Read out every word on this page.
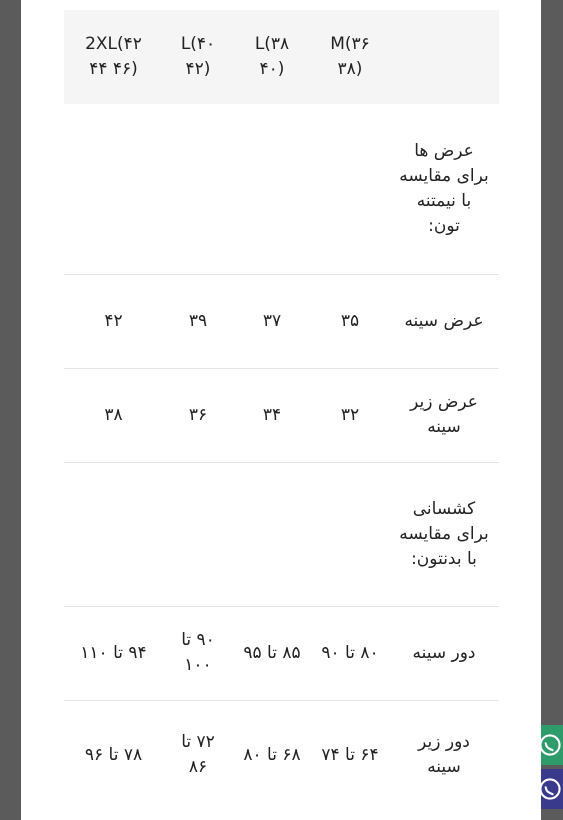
	M(۳۶ ۳۸)	L(۳۸ ۴۰)	L(۴۰ ۴۲)	2XL(۴۲ ۴۴ ۴۶)
عرض ها برای مقایسه با نیمتنه تون:				
عرض سینه	۳۵	۳۷	۳۹	۴۲
عرض زیر سینه	۳۲	۳۴	۳۶	۳۸
کشسانی برای مقایسه با بدنتون:				
دور سینه	۸۰ تا ۹۰	۸۵ تا ۹۵	۹۰ تا ۱۰۰	۹۴ تا ۱۱۰
دور زیر سینه	۶۴ تا ۷۴	۶۸ تا ۸۰	۷۲ تا ۸۶	۷۸ تا ۹۶
